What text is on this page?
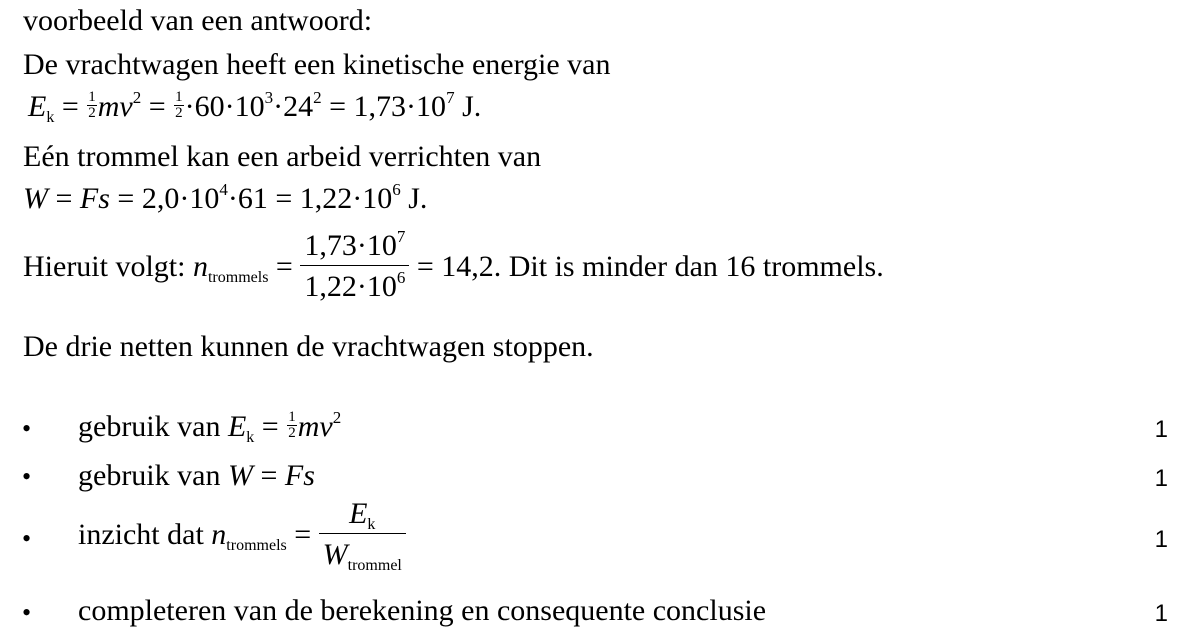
voorbeeld van een antwoord:
De vrachtwagen heeft een kinetische energie van
$E_k = \frac{1}{2} mv^2 = \frac{1}{2} \cdot 60\cdot 10^3\cdot 24^2 = 1,73\cdot 10^7$ J.
Eén trommel kan een arbeid verrichten van
$W = Fs = 2,0\cdot 10^4\cdot 61 = 1,22\cdot 10^6$ J.
Hieruit volgt: $n_{trommels} = \frac{1,73\cdot 10^7}{1,22\cdot 10^6} = 14,2$. Dit is minder dan 16 trommels.
De drie netten kunnen de vrachtwagen stoppen.
• gebruik van $E_k = \frac{1}{2} mv^2$	1
• gebruik van W = Fs	1
• inzicht dat $n_{trommels} = \frac{E_k}{W_{trommel}}$	1
• completeren van de berekening en consequente conclusie	1
